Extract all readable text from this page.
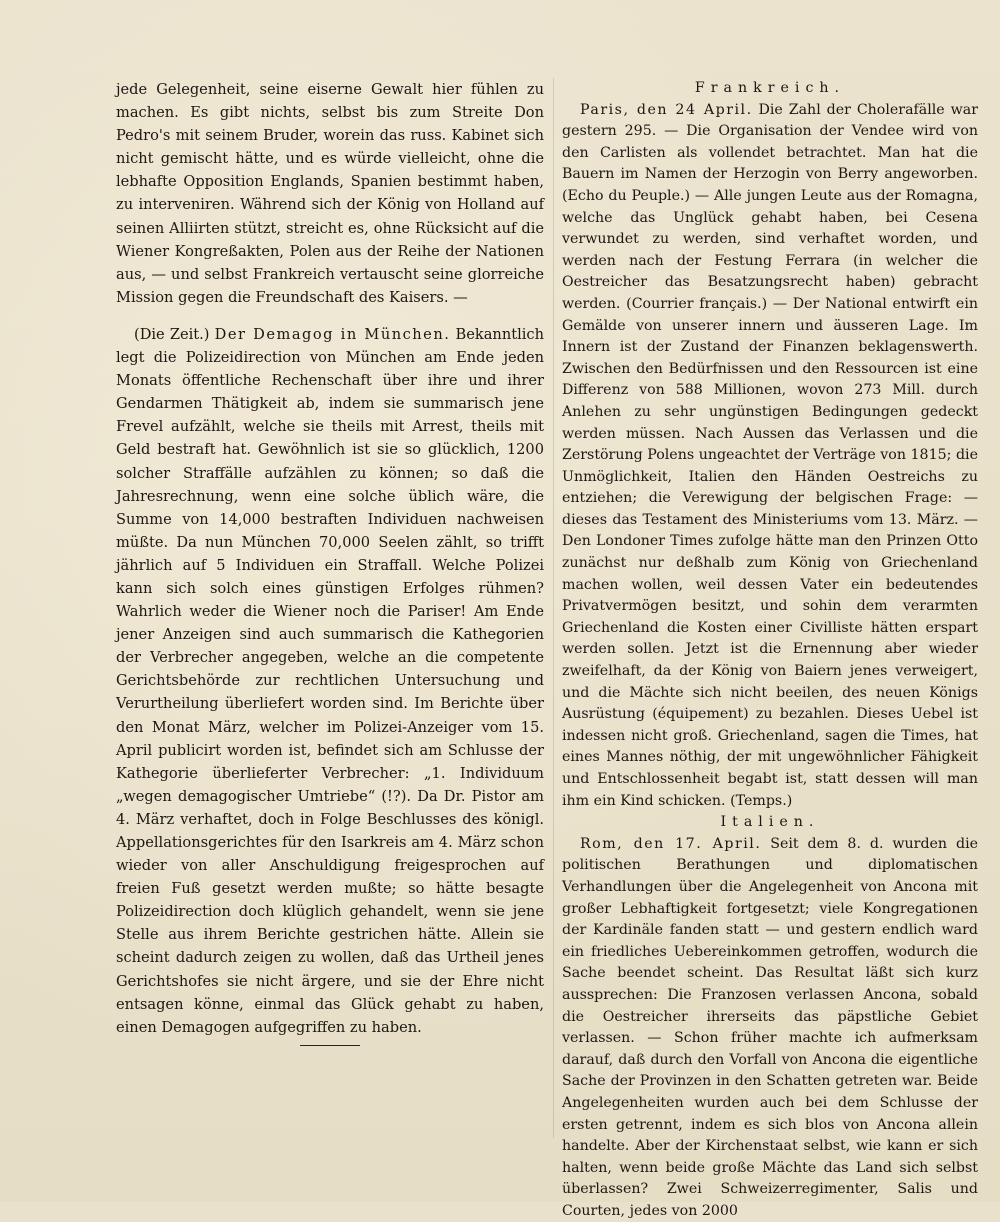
jede Gelegenheit, seine eiserne Gewalt hier fühlen zu machen. Es gibt nichts, selbst bis zum Streite Don Pedro's mit seinem Bruder, worein das russ. Kabinet sich nicht gemischt hätte, und es würde vielleicht, ohne die lebhafte Opposition Englands, Spanien bestimmt haben, zu interveniren. Während sich der König von Holland auf seinen Alliirten stützt, streicht es, ohne Rücksicht auf die Wiener Kongreßakten, Polen aus der Reihe der Nationen aus, — und selbst Frankreich vertauscht seine glorreiche Mission gegen die Freundschaft des Kaisers. —

(Die Zeit.) Der Demagog in München. Bekanntlich legt die Polizeidirection von München am Ende jeden Monats öffentliche Rechenschaft über ihre und ihrer Gendarmen Thätigkeit ab, indem sie summarisch jene Frevel aufzählt, welche sie theils mit Arrest, theils mit Geld bestraft hat. Gewöhnlich ist sie so glücklich, 1200 solcher Straffälle aufzählen zu können; so daß die Jahresrechnung, wenn eine solche üblich wäre, die Summe von 14,000 bestraften Individuen nachweisen müßte. Da nun München 70,000 Seelen zählt, so trifft jährlich auf 5 Individuen ein Straffall. Welche Polizei kann sich solch eines günstigen Erfolges rühmen? Wahrlich weder die Wiener noch die Pariser! Am Ende jener Anzeigen sind auch summarisch die Kathegorien der Verbrecher angegeben, welche an die competente Gerichtsbehörde zur rechtlichen Untersuchung und Verurtheilung überliefert worden sind. Im Berichte über den Monat März, welcher im Polizei-Anzeiger vom 15. April publicirt worden ist, befindet sich am Schlusse der Kathegorie überlieferter Verbrecher: „1. Individuum „wegen demagogischer Umtriebe“ (!?). Da Dr. Pistor am 4. März verhaftet, doch in Folge Beschlusses des königl. Appellationsgerichtes für den Isarkreis am 4. März schon wieder von aller Anschuldigung freigesprochen auf freien Fuß gesetzt werden mußte; so hätte besagte Polizeidirection doch klüglich gehandelt, wenn sie jene Stelle aus ihrem Berichte gestrichen hätte. Allein sie scheint dadurch zeigen zu wollen, daß das Urtheil jenes Gerichtshofes sie nicht ärgere, und sie der Ehre nicht entsagen könne, einmal das Glück gehabt zu haben, einen Demagogen aufgegriffen zu haben.

Frankreich.

Paris, den 24 April. Die Zahl der Cholerafälle war gestern 295. — Die Organisation der Vendee wird von den Carlisten als vollendet betrachtet. Man hat die Bauern im Namen der Herzogin von Berry angeworben. (Echo du Peuple.) — Alle jungen Leute aus der Romagna, welche das Unglück gehabt haben, bei Cesena verwundet zu werden, sind verhaftet worden, und werden nach der Festung Ferrara (in welcher die Oestreicher das Besatzungsrecht haben) gebracht werden. (Courrier français.) — Der National entwirft ein Gemälde von unserer innern und äusseren Lage. Im Innern ist der Zustand der Finanzen beklagenswerth. Zwischen den Bedürfnissen und den Ressourcen ist eine Differenz von 588 Millionen, wovon 273 Mill. durch Anlehen zu sehr ungünstigen Bedingungen gedeckt werden müssen. Nach Aussen das Verlassen und die Zerstörung Polens ungeachtet der Verträge von 1815; die Unmöglichkeit, Italien den Händen Oestreichs zu entziehen; die Verewigung der belgischen Frage: — dieses das Testament des Ministeriums vom 13. März. — Den Londoner Times zufolge hätte man den Prinzen Otto zunächst nur deßhalb zum König von Griechenland machen wollen, weil dessen Vater ein bedeutendes Privatvermögen besitzt, und sohin dem verarmten Griechenland die Kosten einer Civilliste hätten erspart werden sollen. Jetzt ist die Ernennung aber wieder zweifelhaft, da der König von Baiern jenes verweigert, und die Mächte sich nicht beeilen, des neuen Königs Ausrüstung (équipement) zu bezahlen. Dieses Uebel ist indessen nicht groß. Griechenland, sagen die Times, hat eines Mannes nöthig, der mit ungewöhnlicher Fähigkeit und Entschlossenheit begabt ist, statt dessen will man ihm ein Kind schicken. (Temps.)

Italien.

Rom, den 17. April. Seit dem 8. d. wurden die politischen Berathungen und diplomatischen Verhandlungen über die Angelegenheit von Ancona mit großer Lebhaftigkeit fortgesetzt; viele Kongregationen der Kardinäle fanden statt — und gestern endlich ward ein friedliches Uebereinkommen getroffen, wodurch die Sache beendet scheint. Das Resultat läßt sich kurz aussprechen: Die Franzosen verlassen Ancona, sobald die Oestreicher ihrerseits das päpstliche Gebiet verlassen. — Schon früher machte ich aufmerksam darauf, daß durch den Vorfall von Ancona die eigentliche Sache der Provinzen in den Schatten getreten war. Beide Angelegenheiten wurden auch bei dem Schlusse der ersten getrennt, indem es sich blos von Ancona allein handelte. Aber der Kirchenstaat selbst, wie kann er sich halten, wenn beide große Mächte das Land sich selbst überlassen? Zwei Schweizerregimenter, Salis und Courten, jedes von 2000
